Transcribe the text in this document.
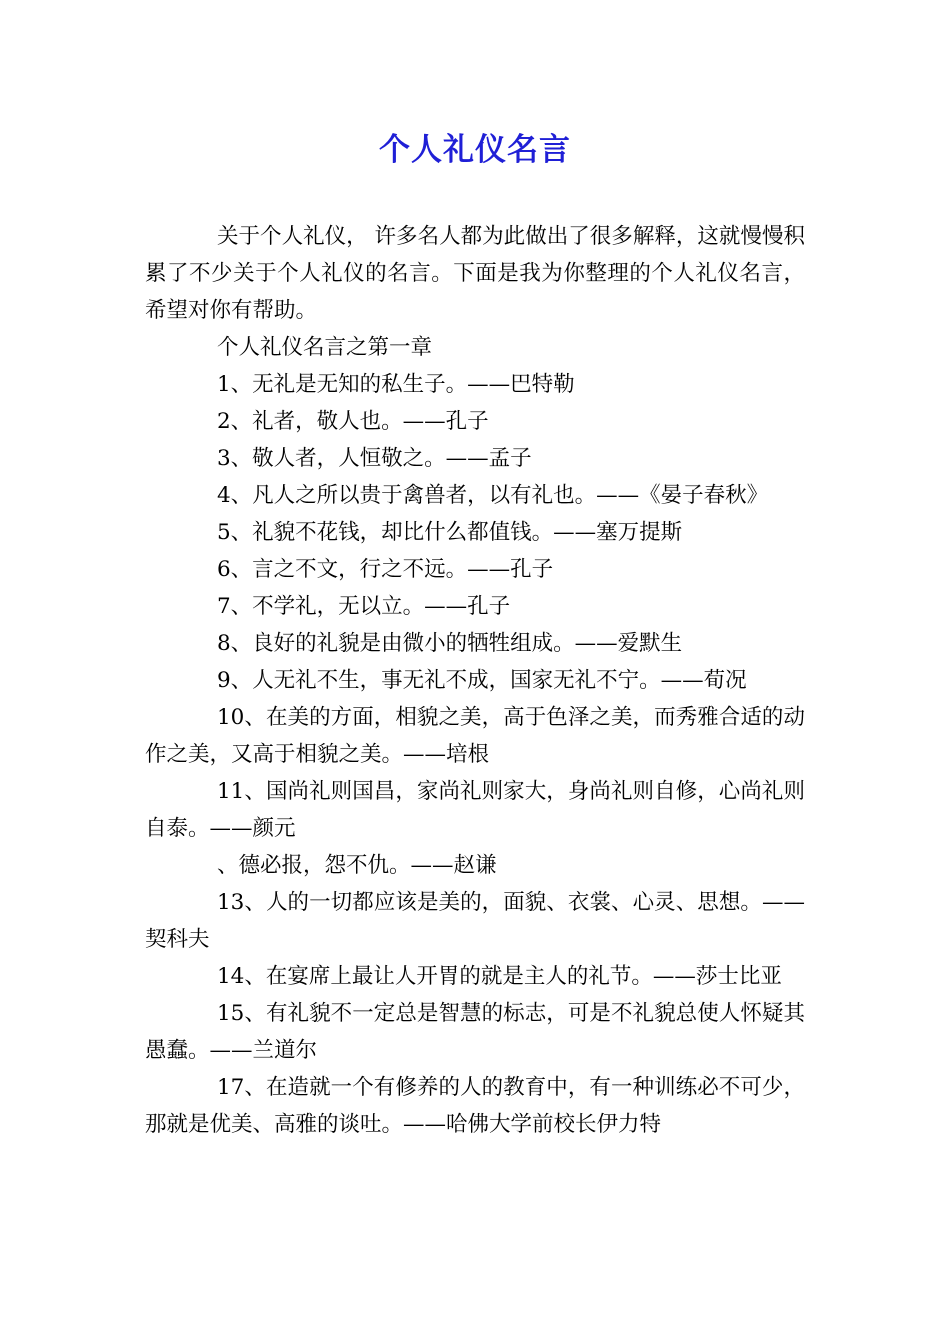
个人礼仪名言

关于个人礼仪， 许多名人都为此做出了很多解释，这就慢慢积累了不少关于个人礼仪的名言。下面是我为你整理的个人礼仪名言，希望对你有帮助。

个人礼仪名言之第一章

1、无礼是无知的私生子。——巴特勒

2、礼者，敬人也。——孔子

3、敬人者，人恒敬之。——孟子

4、凡人之所以贵于禽兽者，以有礼也。——《晏子春秋》

5、礼貌不花钱，却比什么都值钱。——塞万提斯

6、言之不文，行之不远。——孔子

7、不学礼，无以立。——孔子

8、良好的礼貌是由微小的牺牲组成。——爱默生

9、人无礼不生，事无礼不成，国家无礼不宁。——荀况

10、在美的方面，相貌之美，高于色泽之美，而秀雅合适的动作之美，又高于相貌之美。——培根

11、国尚礼则国昌，家尚礼则家大，身尚礼则自修，心尚礼则自泰。——颜元

、德必报，怨不仇。——赵谦

13、人的一切都应该是美的，面貌、衣裳、心灵、思想。——契科夫

14、在宴席上最让人开胃的就是主人的礼节。——莎士比亚

15、有礼貌不一定总是智慧的标志，可是不礼貌总使人怀疑其愚蠢。——兰道尔

17、在造就一个有修养的人的教育中，有一种训练必不可少，那就是优美、高雅的谈吐。——哈佛大学前校长伊力特
